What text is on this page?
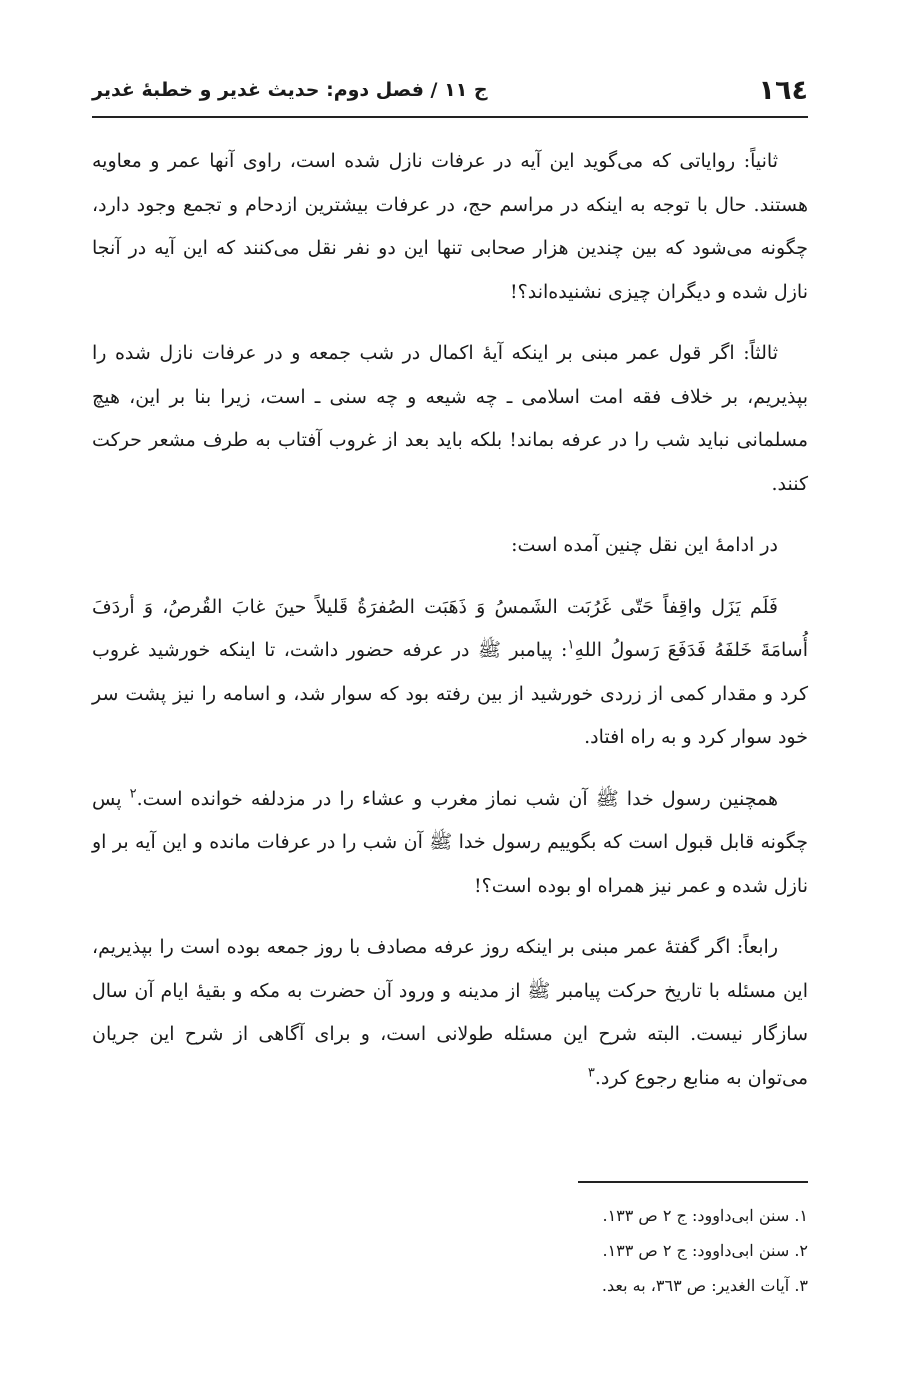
١٦٤
ج ١١ / فصل دوم: حديث غدير و خطبهٔ غدير

ثانیاً: روایاتی که می‌گوید این آیه در عرفات نازل شده است، راوی آنها عمر و معاویه هستند. حال با توجه به اینکه در مراسم حج، در عرفات بیشترین ازدحام و تجمع وجود دارد، چگونه می‌شود که بین چندین هزار صحابی تنها این دو نفر نقل می‌کنند که این آیه در آنجا نازل شده و دیگران چیزی نشنیده‌اند؟!

ثالثاً: اگر قول عمر مبنی بر اینکه آیهٔ اکمال در شب جمعه و در عرفات نازل شده را بپذیریم، بر خلاف فقه امت اسلامی ـ چه شیعه و چه سنی ـ است، زیرا بنا بر این، هیچ مسلمانی نباید شب را در عرفه بماند! بلکه باید بعد از غروب آفتاب به طرف مشعر حرکت کنند.

در ادامهٔ این نقل چنین آمده است:

فَلَم يَزَل واقِفاً حَتّى غَرُبَت الشَمسُ وَ ذَهَبَت الصُفرَةُ قَليلاً حينَ غابَ القُرصُ، وَ أردَفَ أُسامَةَ خَلفَهُ فَدَفَعَ رَسولُ اللهِ$^١$: پیامبر ﷺ در عرفه حضور داشت، تا اینکه خورشید غروب کرد و مقدار کمی از زردی خورشید از بین رفته بود که سوار شد، و اسامه را نیز پشت سر خود سوار کرد و به راه افتاد.

همچنین رسول خدا ﷺ آن شب نماز مغرب و عشاء را در مزدلفه خوانده است.$^٢$ پس چگونه قابل قبول است که بگوییم رسول خدا ﷺ آن شب را در عرفات مانده و این آیه بر او نازل شده و عمر نیز همراه او بوده است؟!

رابعاً: اگر گفتهٔ عمر مبنی بر اینکه روز عرفه مصادف با روز جمعه بوده است را بپذیریم، این مسئله با تاریخ حرکت پیامبر ﷺ از مدینه و ورود آن حضرت به مکه و بقیهٔ ایام آن سال سازگار نیست. البته شرح این مسئله طولانی است، و برای آگاهی از شرح این جریان می‌توان به منابع رجوع کرد.$^٣$

١. سنن ابی‌داوود: ج ٢ ص ١٣٣.
٢. سنن ابی‌داوود: ج ٢ ص ١٣٣.
٣. آیات الغدیر: ص ٣٦٣، به بعد.
